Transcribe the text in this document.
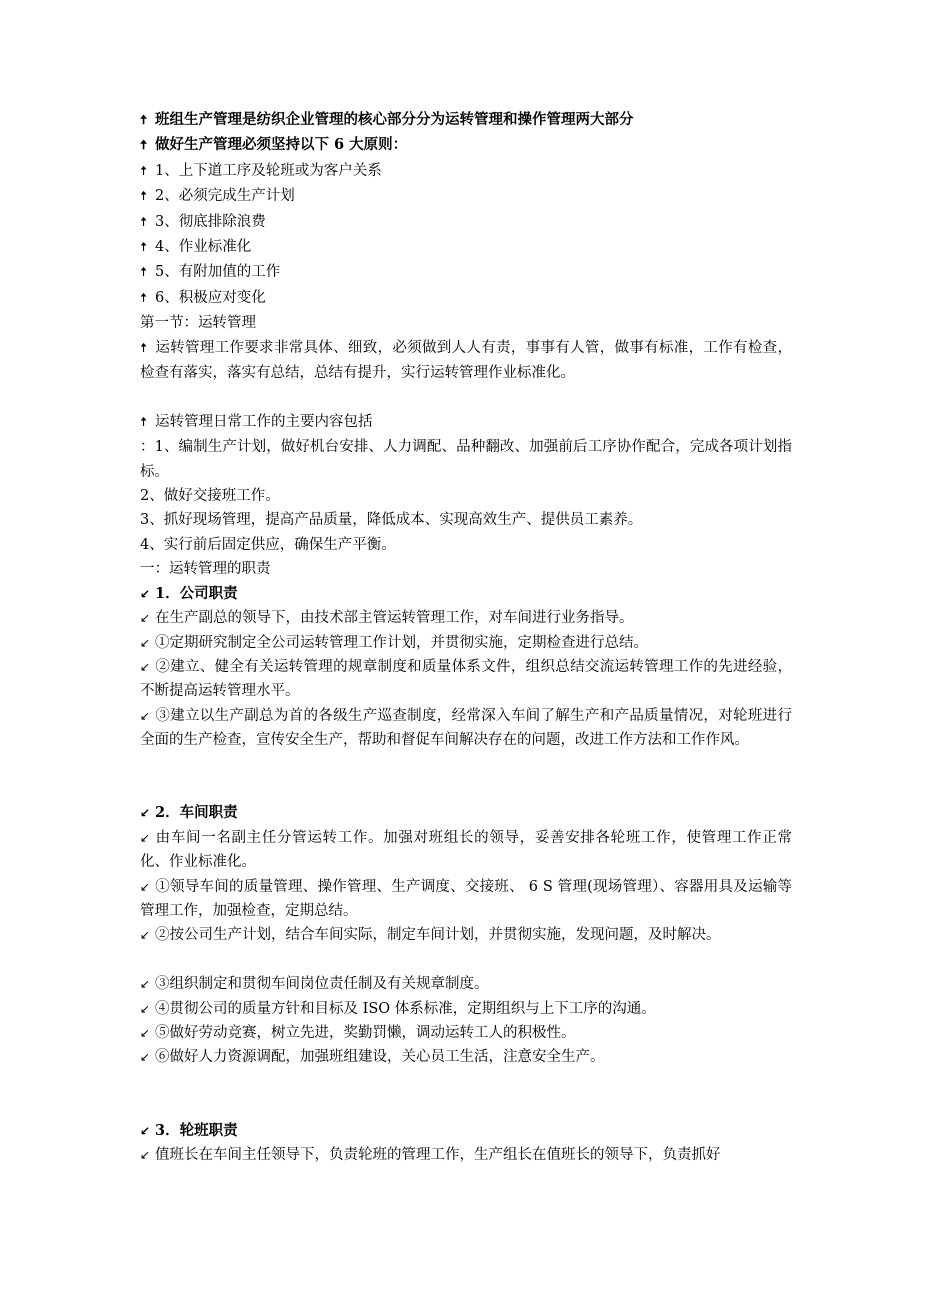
🠅 班组生产管理是纺织企业管理的核心部分分为运转管理和操作管理两大部分
🠅 做好生产管理必须坚持以下 6 大原则：
🠅 1、上下道工序及轮班或为客户关系
🠅 2、必须完成生产计划
🠅 3、彻底排除浪费
🠅 4、作业标准化
🠅 5、有附加值的工作
🠅 6、积极应对变化
第一节：运转管理
🠅 运转管理工作要求非常具体、细致，必须做到人人有责，事事有人管，做事有标准，工作有检查，检查有落实，落实有总结，总结有提升，实行运转管理作业标准化。
🠅 运转管理日常工作的主要内容包括
：1、编制生产计划，做好机台安排、人力调配、品种翻改、加强前后工序协作配合，完成各项计划指标。
2、做好交接班工作。
3、抓好现场管理，提高产品质量，降低成本、实现高效生产、提供员工素养。
4、实行前后固定供应，确保生产平衡。
一：运转管理的职责
↙ 1．公司职责
↙ 在生产副总的领导下，由技术部主管运转管理工作，对车间进行业务指导。
↙ ①定期研究制定全公司运转管理工作计划，并贯彻实施，定期检查进行总结。
↙ ②建立、健全有关运转管理的规章制度和质量体系文件，组织总结交流运转管理工作的先进经验，不断提高运转管理水平。
↙ ③建立以生产副总为首的各级生产巡查制度，经常深入车间了解生产和产品质量情况，对轮班进行全面的生产检查，宣传安全生产，帮助和督促车间解决存在的问题，改进工作方法和工作作风。
↙ 2．车间职责
↙ 由车间一名副主任分管运转工作。加强对班组长的领导，妥善安排各轮班工作，使管理工作正常化、作业标准化。
↙ ①领导车间的质量管理、操作管理、生产调度、交接班、 6 S 管理(现场管理）、容器用具及运输等管理工作，加强检查，定期总结。
↙ ②按公司生产计划，结合车间实际，制定车间计划，并贯彻实施，发现问题，及时解决。
↙ ③组织制定和贯彻车间岗位责任制及有关规章制度。
↙ ④贯彻公司的质量方针和目标及 ISO 体系标准，定期组织与上下工序的沟通。
↙ ⑤做好劳动竞赛，树立先进，奖勤罚懒，调动运转工人的积极性。
↙ ⑥做好人力资源调配，加强班组建设，关心员工生活，注意安全生产。
↙ 3．轮班职责
↙ 值班长在车间主任领导下，负责轮班的管理工作，生产组长在值班长的领导下，负责抓好
